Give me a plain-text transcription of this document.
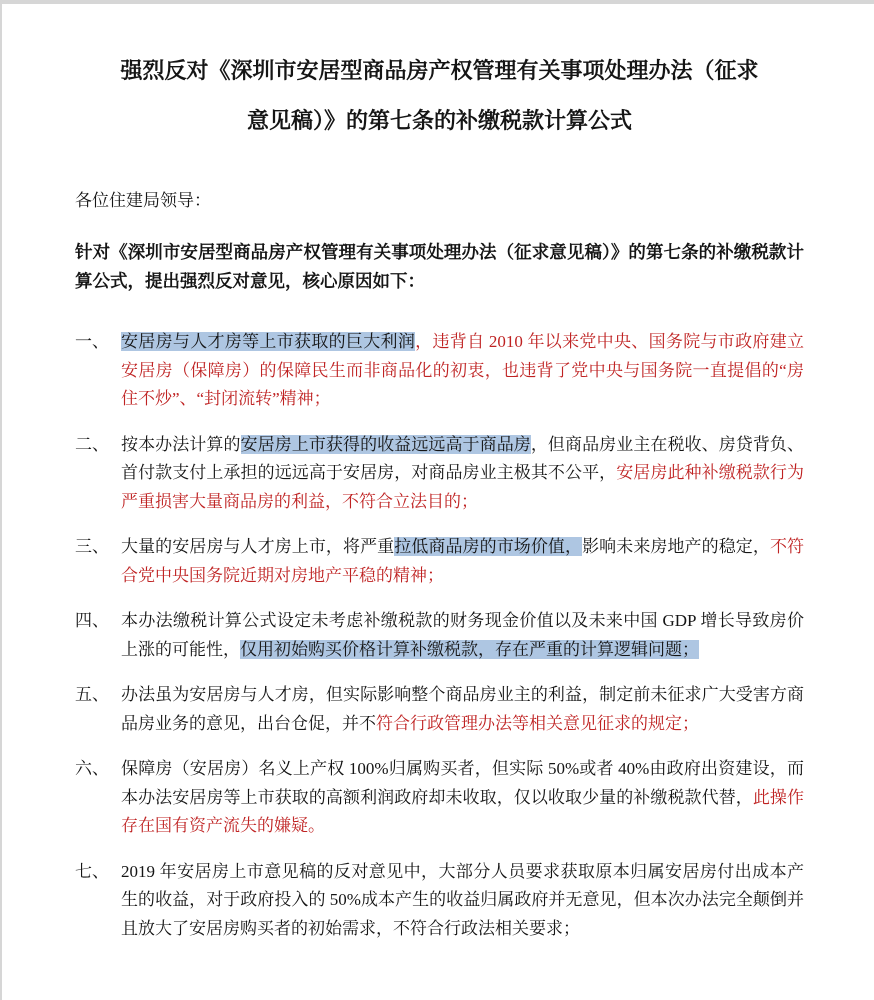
强烈反对《深圳市安居型商品房产权管理有关事项处理办法（征求
意见稿）》的第七条的补缴税款计算公式

各位住建局领导：

针对《深圳市安居型商品房产权管理有关事项处理办法（征求意见稿）》的第七条的补缴税款计算公式，提出强烈反对意见，核心原因如下：

一、 安居房与人才房等上市获取的巨大利润，违背自 2010 年以来党中央、国务院与市政府建立安居房（保障房）的保障民生而非商品化的初衷，也违背了党中央与国务院一直提倡的“房住不炒”、“封闭流转”精神；

二、 按本办法计算的安居房上市获得的收益远远高于商品房，但商品房业主在税收、房贷背负、首付款支付上承担的远远高于安居房，对商品房业主极其不公平，安居房此种补缴税款行为严重损害大量商品房的利益，不符合立法目的；

三、 大量的安居房与人才房上市，将严重拉低商品房的市场价值，影响未来房地产的稳定，不符合党中央国务院近期对房地产平稳的精神；

四、 本办法缴税计算公式设定未考虑补缴税款的财务现金价值以及未来中国 GDP 增长导致房价上涨的可能性，仅用初始购买价格计算补缴税款，存在严重的计算逻辑问题；

五、 办法虽为安居房与人才房，但实际影响整个商品房业主的利益，制定前未征求广大受害方商品房业务的意见，出台仓促，并不符合行政管理办法等相关意见征求的规定；

六、 保障房（安居房）名义上产权 100%归属购买者，但实际 50%或者 40%由政府出资建设，而本办法安居房等上市获取的高额利润政府却未收取，仅以收取少量的补缴税款代替，此操作存在国有资产流失的嫌疑。

七、 2019 年安居房上市意见稿的反对意见中，大部分人员要求获取原本归属安居房付出成本产生的收益，对于政府投入的 50%成本产生的收益归属政府并无意见，但本次办法完全颠倒并且放大了安居房购买者的初始需求，不符合行政法相关要求；
